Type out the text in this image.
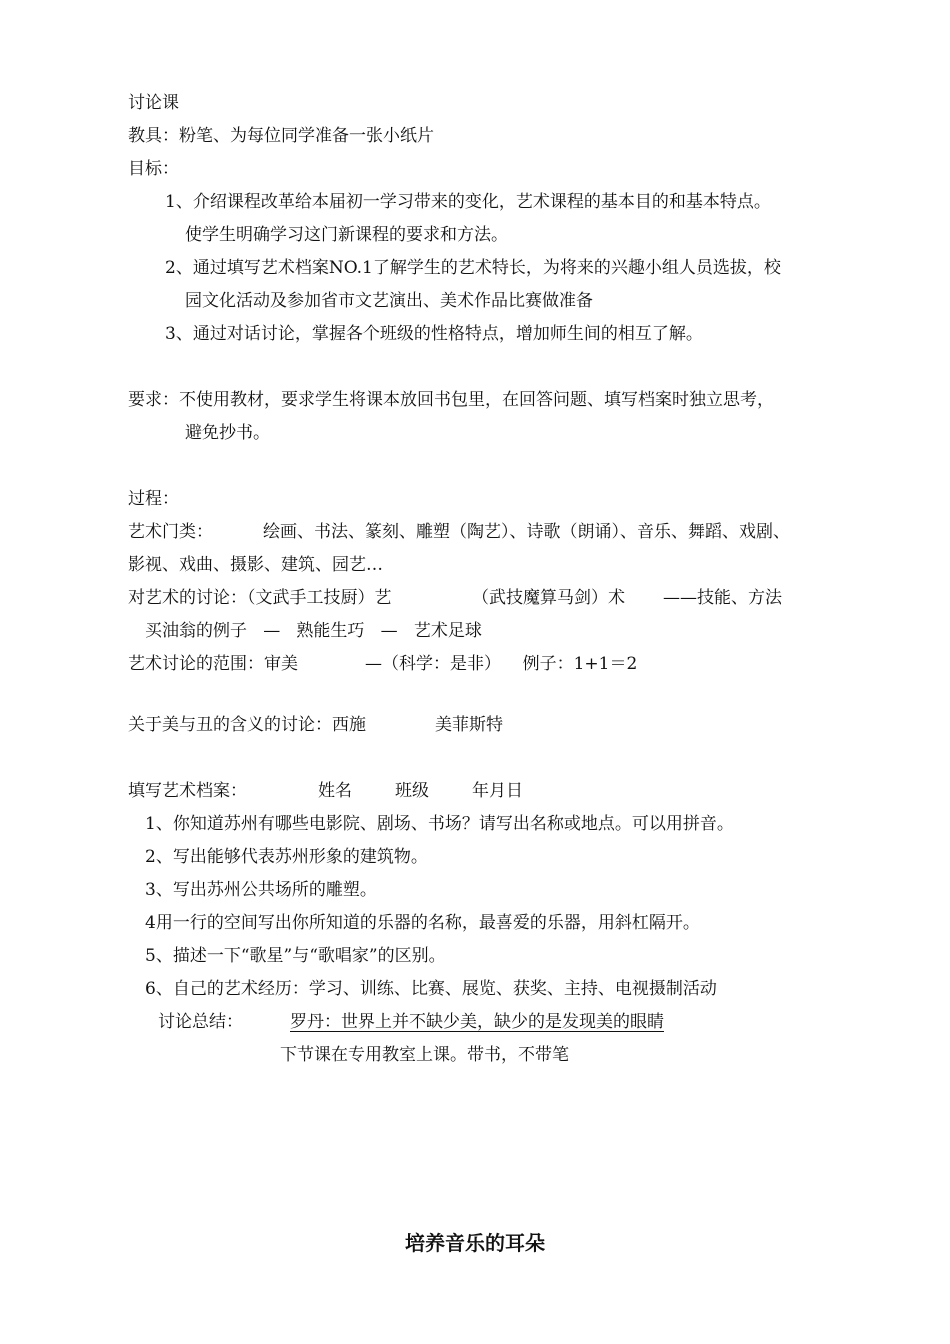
讨论课
教具：粉笔、为每位同学准备一张小纸片
目标：
1、介绍课程改革给本届初一学习带来的变化，艺术课程的基本目的和基本特点。
使学生明确学习这门新课程的要求和方法。
2、通过填写艺术档案NO.1了解学生的艺术特长，为将来的兴趣小组人员选拔，校
园文化活动及参加省市文艺演出、美术作品比赛做准备
3、通过对话讨论，掌握各个班级的性格特点，增加师生间的相互了解。
要求：不使用教材，要求学生将课本放回书包里，在回答问题、填写档案时独立思考，
避免抄书。
过程：
艺术门类：	绘画、书法、篆刻、雕塑（陶艺）、诗歌（朗诵）、音乐、舞蹈、戏剧、
影视、戏曲、摄影、建筑、园艺…
对艺术的讨论：（文武手工技厨）艺	（武技魔算马剑）术 ——技能、方法
买油翁的例子   —   熟能生巧   —   艺术足球
艺术讨论的范围：审美	—（科学：是非）    例子：1+1＝2
关于美与丑的含义的讨论：西施	美菲斯特
填写艺术档案：	姓名	班级	年月日
1、你知道苏州有哪些电影院、剧场、书场？请写出名称或地点。可以用拼音。
2、写出能够代表苏州形象的建筑物。
3、写出苏州公共场所的雕塑。
4用一行的空间写出你所知道的乐器的名称，最喜爱的乐器，用斜杠隔开。
5、描述一下“歌星”与“歌唱家”的区别。
6、自己的艺术经历：学习、训练、比赛、展览、获奖、主持、电视摄制活动
讨论总结：	罗丹：世界上并不缺少美，缺少的是发现美的眼睛
下节课在专用教室上课。带书，不带笔
培养音乐的耳朵
